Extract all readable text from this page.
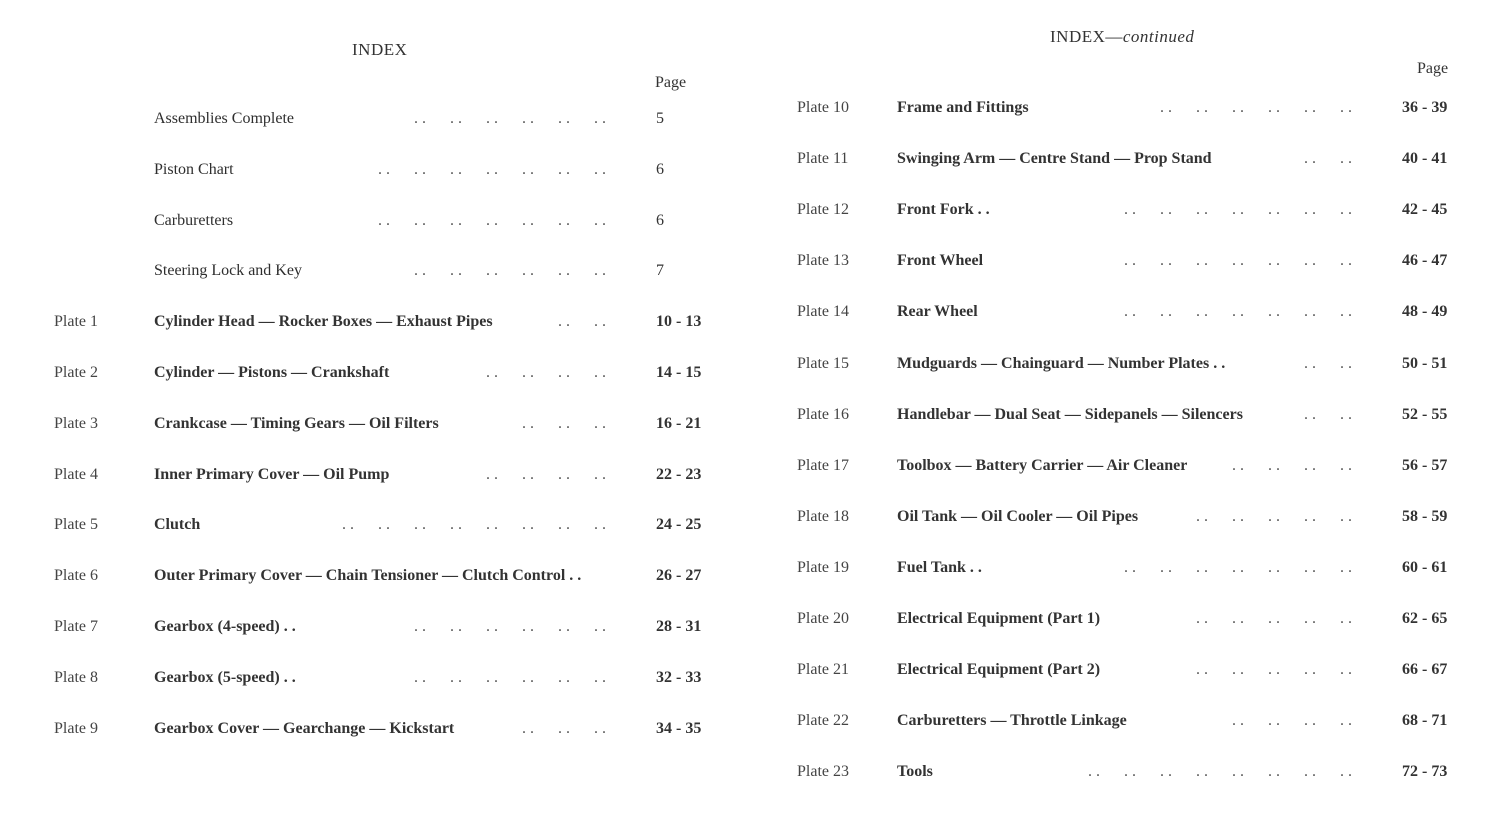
INDEX
Page
Assemblies Complete	. .      . .      . .      . .      . .      . .	5
Piston Chart	. .      . .      . .      . .      . .      . .      . .	6
Carburetters	. .      . .      . .      . .      . .      . .      . .	6
Steering Lock and Key	. .      . .      . .      . .      . .      . .	7
Plate 1	Cylinder Head — Rocker Boxes — Exhaust Pipes	. .      . .	10 - 13
Plate 2	Cylinder — Pistons — Crankshaft	. .      . .      . .      . .	14 - 15
Plate 3	Crankcase — Timing Gears — Oil Filters	. .      . .      . .	16 - 21
Plate 4	Inner Primary Cover — Oil Pump	. .      . .      . .      . .	22 - 23
Plate 5	Clutch	. .      . .      . .      . .      . .      . .      . .      . .	24 - 25
Plate 6	Outer Primary Cover — Chain Tensioner — Clutch Control . .	26 - 27
Plate 7	Gearbox (4-speed) . .	. .      . .      . .      . .      . .      . .	28 - 31
Plate 8	Gearbox (5-speed) . .	. .      . .      . .      . .      . .      . .	32 - 33
Plate 9	Gearbox Cover — Gearchange — Kickstart	. .      . .      . .	34 - 35
INDEX—continued
Page
Plate 10	Frame and Fittings	. .      . .      . .      . .      . .      . .	36 - 39
Plate 11	Swinging Arm — Centre Stand — Prop Stand	. .      . .	40 - 41
Plate 12	Front Fork . .	. .      . .      . .      . .      . .      . .      . .	42 - 45
Plate 13	Front Wheel	. .      . .      . .      . .      . .      . .      . .	46 - 47
Plate 14	Rear Wheel	. .      . .      . .      . .      . .      . .      . .	48 - 49
Plate 15	Mudguards — Chainguard — Number Plates . .	. .      . .	50 - 51
Plate 16	Handlebar — Dual Seat — Sidepanels — Silencers	. .      . .	52 - 55
Plate 17	Toolbox — Battery Carrier — Air Cleaner	. .      . .      . .      . .	56 - 57
Plate 18	Oil Tank — Oil Cooler — Oil Pipes	. .      . .      . .      . .      . .	58 - 59
Plate 19	Fuel Tank . .	. .      . .      . .      . .      . .      . .      . .	60 - 61
Plate 20	Electrical Equipment (Part 1)	. .      . .      . .      . .      . .	62 - 65
Plate 21	Electrical Equipment (Part 2)	. .      . .      . .      . .      . .	66 - 67
Plate 22	Carburetters — Throttle Linkage	. .      . .      . .      . .	68 - 71
Plate 23	Tools	. .      . .      . .      . .      . .      . .      . .      . .	72 - 73
